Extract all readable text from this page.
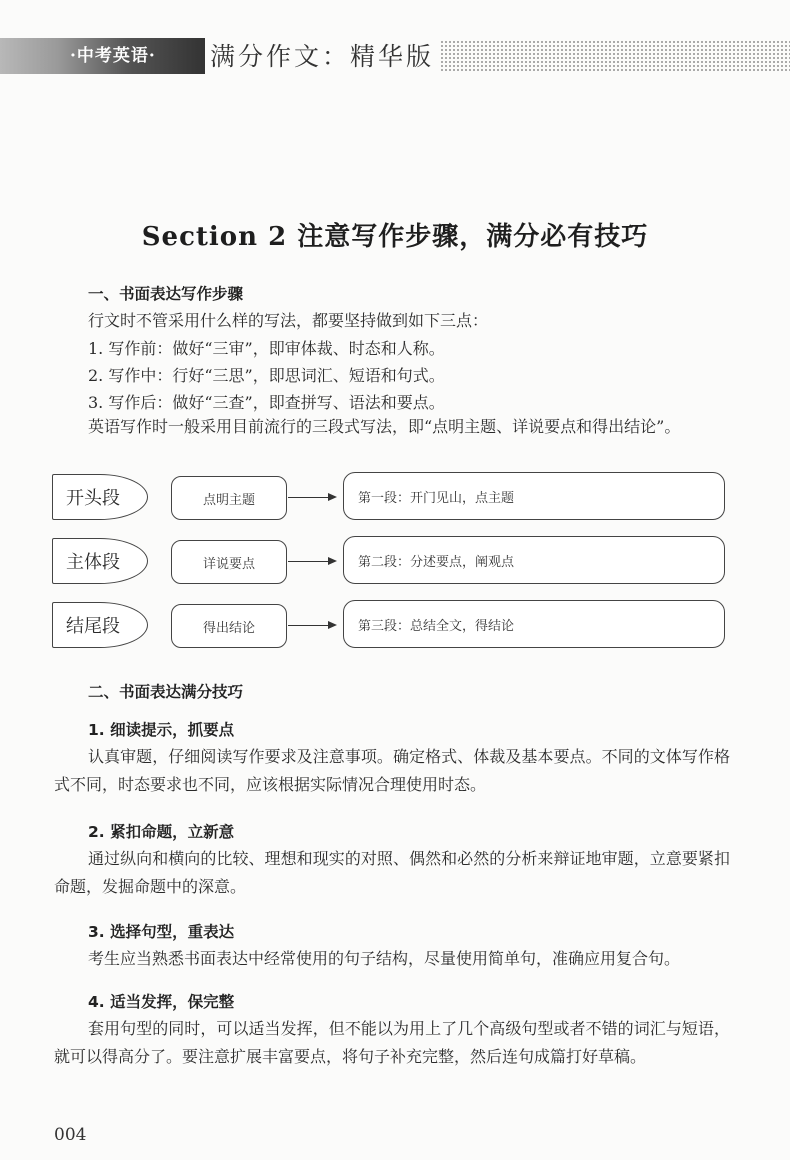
·中考英语· 满分作文：精华版
Section 2 注意写作步骤，满分必有技巧
一、书面表达写作步骤
行文时不管采用什么样的写法，都要坚持做到如下三点：
1. 写作前：做好“三审”，即审体裁、时态和人称。
2. 写作中：行好“三思”，即思词汇、短语和句式。
3. 写作后：做好“三查”，即查拼写、语法和要点。
英语写作时一般采用目前流行的三段式写法，即“点明主题、详说要点和得出结论”。
开头段	点明主题	第一段：开门见山，点主题
主体段	详说要点	第二段：分述要点，阐观点
结尾段	得出结论	第三段：总结全文，得结论
二、书面表达满分技巧
1. 细读提示，抓要点
认真审题，仔细阅读写作要求及注意事项。确定格式、体裁及基本要点。不同的文体写作格式不同，时态要求也不同，应该根据实际情况合理使用时态。
2. 紧扣命题，立新意
通过纵向和横向的比较、理想和现实的对照、偶然和必然的分析来辩证地审题，立意要紧扣命题，发掘命题中的深意。
3. 选择句型，重表达
考生应当熟悉书面表达中经常使用的句子结构，尽量使用简单句，准确应用复合句。
4. 适当发挥，保完整
套用句型的同时，可以适当发挥，但不能以为用上了几个高级句型或者不错的词汇与短语，就可以得高分了。要注意扩展丰富要点，将句子补充完整，然后连句成篇打好草稿。
004
